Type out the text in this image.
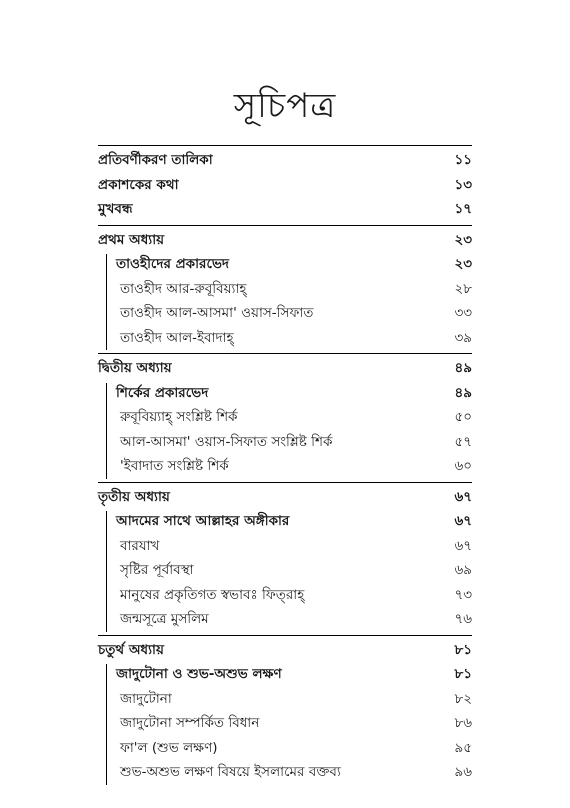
সূচিপত্র
প্রতিবর্ণীকরণ তালিকা	১১
প্রকাশকের কথা	১৩
মুখবন্ধ	১৭
প্রথম অধ্যায়	২৩
তাওহীদের প্রকারভেদ	২৩
তাওহীদ আর-রুবূবিয়্যাহ্	২৮
তাওহীদ আল-আসমা' ওয়াস-সিফাত	৩৩
তাওহীদ আল-ইবাদাহ্	৩৯
দ্বিতীয় অধ্যায়	৪৯
শির্কের প্রকারভেদ	৪৯
রুবূবিয়্যাহ্ সংশ্লিষ্ট শির্ক	৫০
আল-আসমা' ওয়াস-সিফাত সংশ্লিষ্ট শির্ক	৫৭
'ইবাদাত সংশ্লিষ্ট শির্ক	৬০
তৃতীয় অধ্যায়	৬৭
আদমের সাথে আল্লাহর অঙ্গীকার	৬৭
বারযাখ	৬৭
সৃষ্টির পূর্বাবস্থা	৬৯
মানুষের প্রকৃতিগত স্বভাবঃ ফিত্‌রাহ্	৭৩
জন্মসূত্রে মুসলিম	৭৬
চতুর্থ অধ্যায়	৮১
জাদুটোনা ও শুভ-অশুভ লক্ষণ	৮১
জাদুটোনা	৮২
জাদুটোনা সম্পর্কিত বিধান	৮৬
ফা'ল (শুভ লক্ষণ)	৯৫
শুভ-অশুভ লক্ষণ বিষয়ে ইসলামের বক্তব্য	৯৬
